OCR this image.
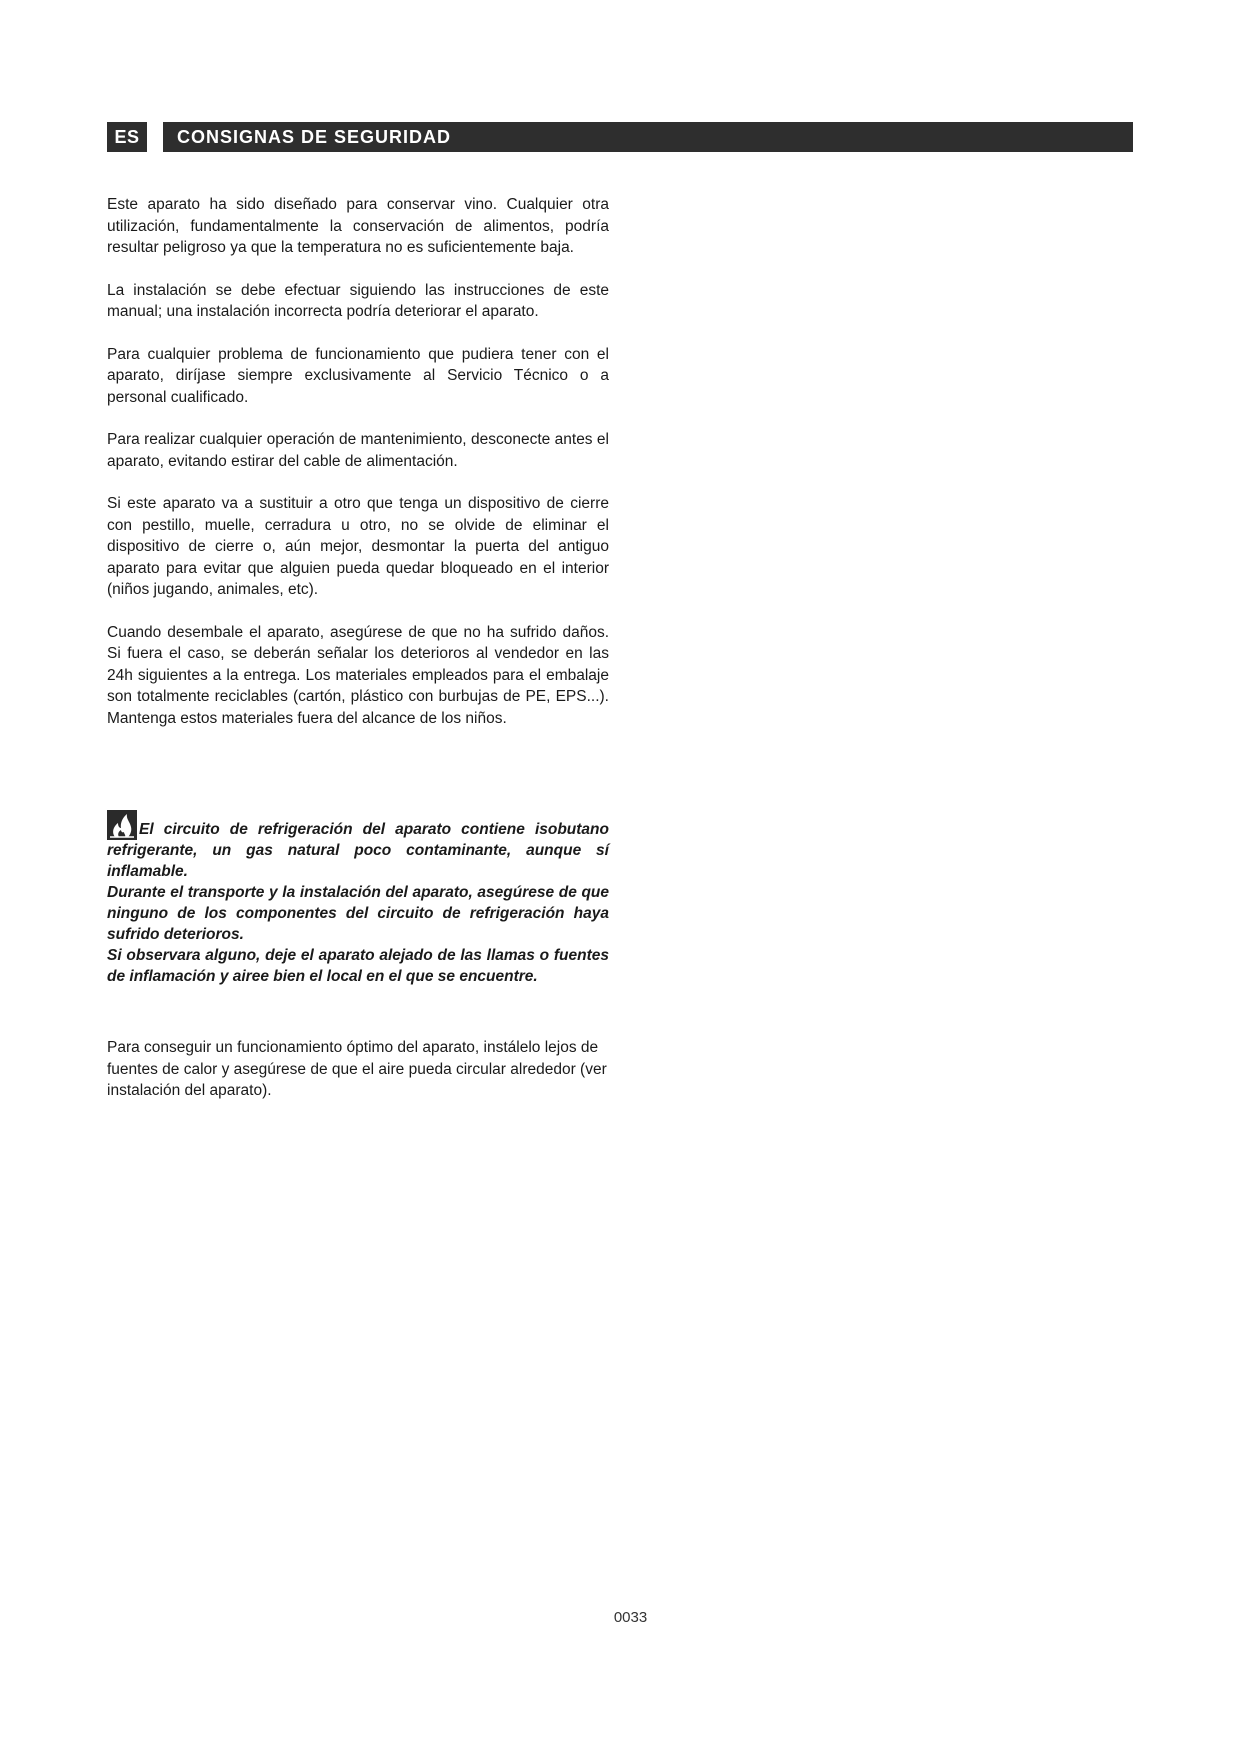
ES	CONSIGNAS DE SEGURIDAD

Este aparato ha sido diseñado para conservar vino. Cualquier otra utilización, fundamentalmente la conservación de alimentos, podría resultar peligroso ya que la temperatura no es suficientemente baja.

La instalación se debe efectuar siguiendo las instrucciones de este manual; una instalación incorrecta podría deteriorar el aparato.

Para cualquier problema de funcionamiento que pudiera tener con el aparato, diríjase siempre exclusivamente al Servicio Técnico o a personal cualificado.

Para realizar cualquier operación de mantenimiento, desconecte antes el aparato, evitando estirar del cable de alimentación.

Si este aparato va a sustituir a otro que tenga un dispositivo de cierre con pestillo, muelle, cerradura u otro, no se olvide de eliminar el dispositivo de cierre o, aún mejor, desmontar la puerta del antiguo aparato para evitar que alguien pueda quedar bloqueado en el interior (niños jugando, animales, etc).

Cuando desembale el aparato, asegúrese de que no ha sufrido daños. Si fuera el caso, se deberán señalar los deterioros al vendedor en las 24h siguientes a la entrega. Los materiales empleados para el embalaje son totalmente reciclables (cartón, plástico con burbujas de PE, EPS...). Mantenga estos materiales fuera del alcance de los niños.

El circuito de refrigeración del aparato contiene isobutano refrigerante, un gas natural poco contaminante, aunque sí inflamable.

Durante el transporte y la instalación del aparato, asegúrese de que ninguno de los componentes del circuito de refrigeración haya sufrido deterioros.

Si observara alguno, deje el aparato alejado de las llamas o fuentes de inflamación y airee bien el local en el que se encuentre.

Para conseguir un funcionamiento óptimo del aparato, instálelo lejos de fuentes de calor y asegúrese de que el aire pueda circular alrededor (ver instalación del aparato).

0033
